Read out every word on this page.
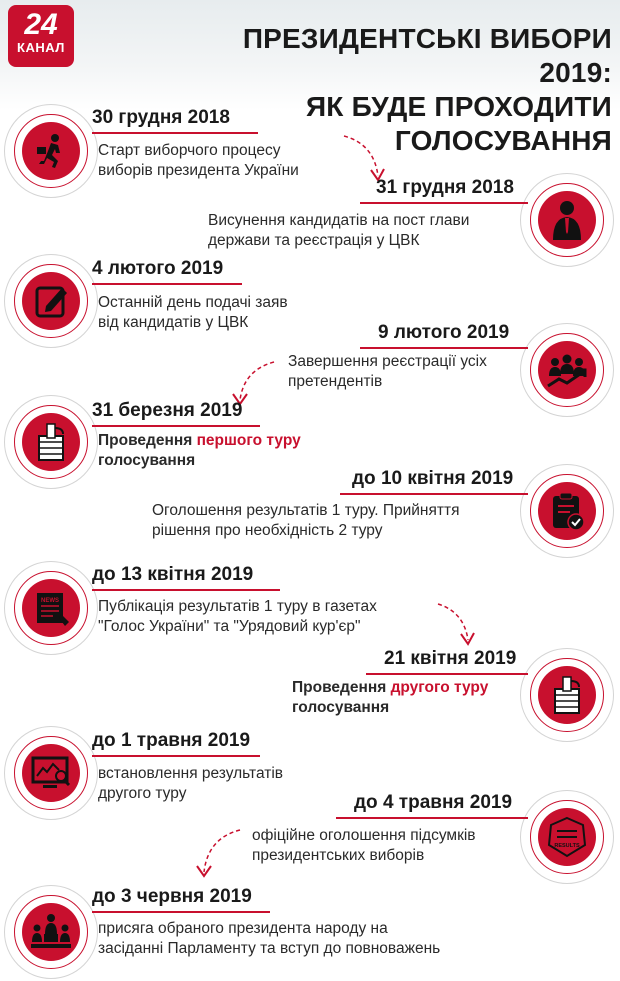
24
КАНАЛ	ПРЕЗИДЕНТСЬКІ ВИБОРИ 2019:
ЯК БУДЕ ПРОХОДИТИ ГОЛОСУВАННЯ
30 грудня 2018
Старт виборчого процесу
виборів президента України
31 грудня 2018
Висунення кандидатів на пост глави
держави та реєстрація у ЦВК
4 лютого 2019
Останній день подачі заяв
від кандидатів у ЦВК	9 лютого 2019
Завершення реєстрації усіх
претендентів
31 березня 2019
Проведення першого туру
голосування
до 10 квітня 2019
Оголошення результатів 1 туру. Прийняття
рішення про необхідність 2 туру
NEWS
до 13 квітня 2019
Публікація результатів 1 туру в газетах
"Голос України" та "Урядовий кур'єр"
21 квітня 2019
Проведення другого туру
голосування
до 1 травня 2019
встановлення результатів
другого туру
RESULTS
до 4 травня 2019
офіційне оголошення підсумків
президентських виборів
до 3 червня 2019
присяга обраного президента народу на
засіданні Парламенту та вступ до повноважень
